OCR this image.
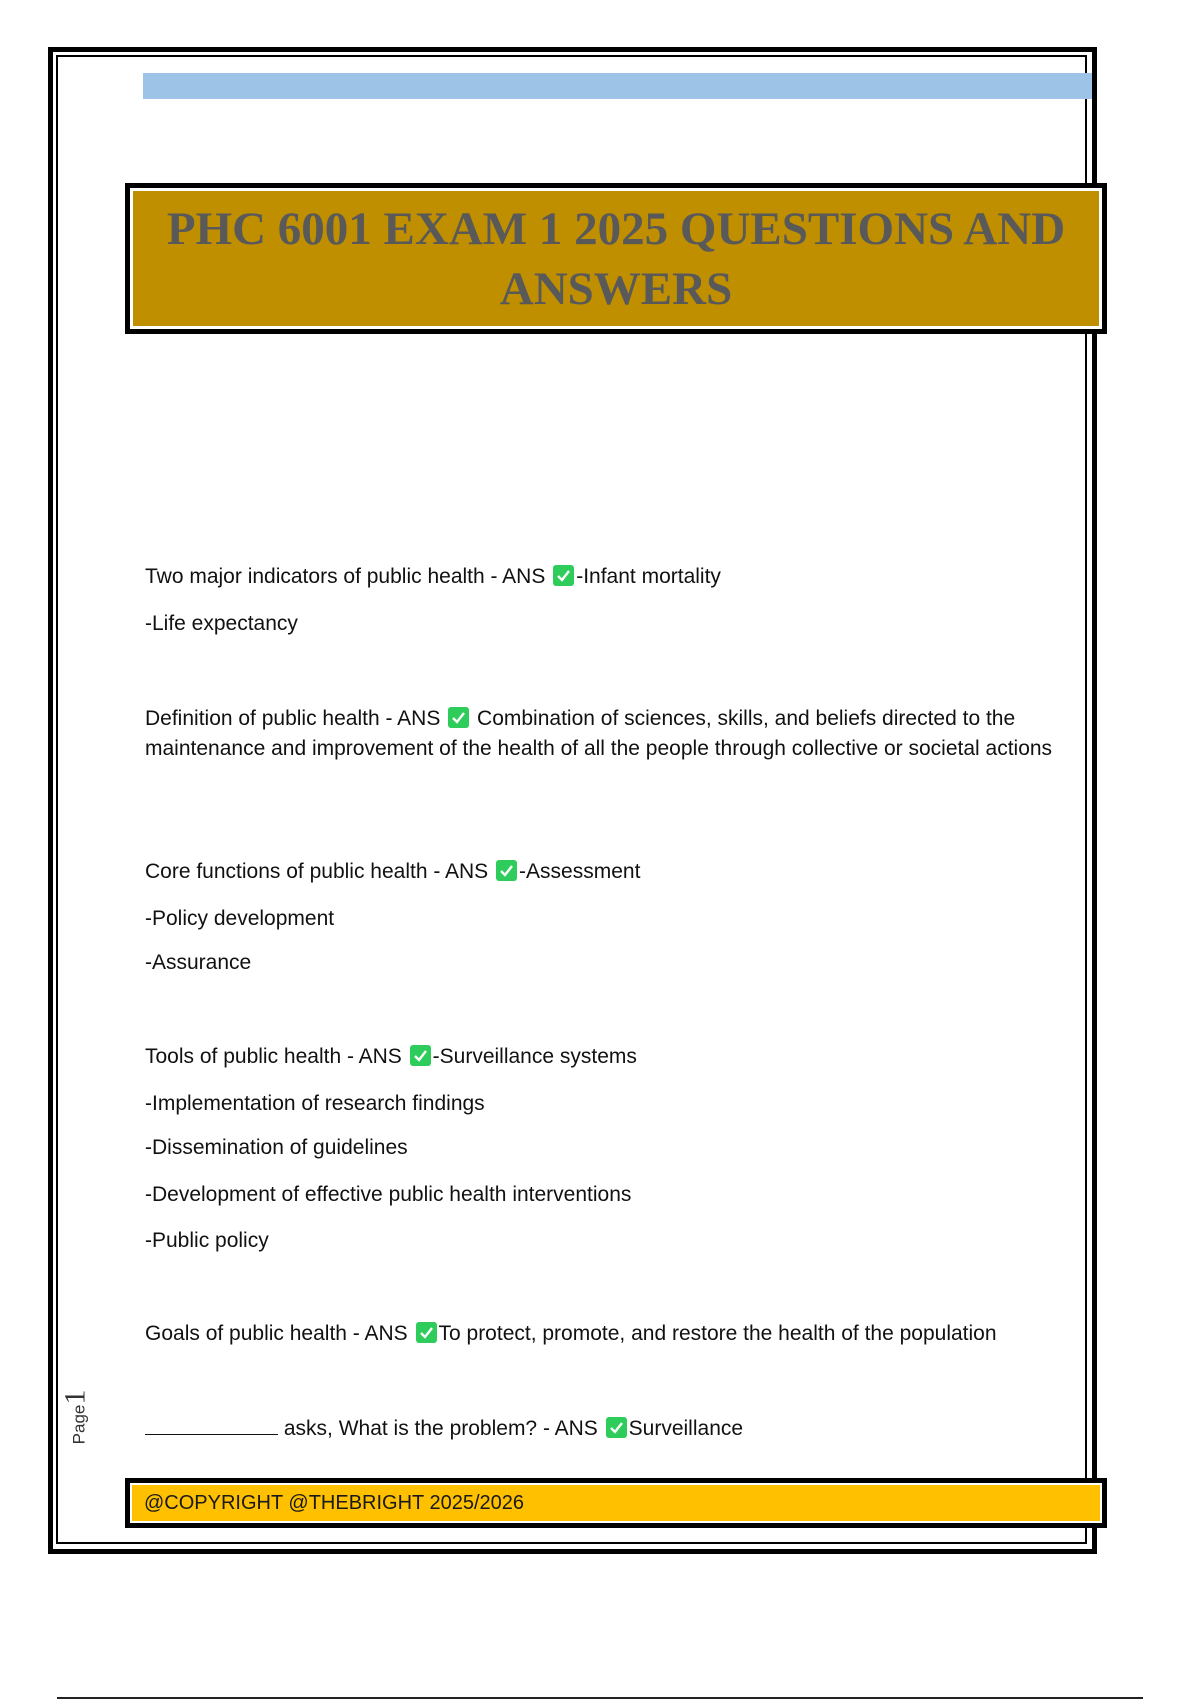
PHC 6001 EXAM 1 2025 QUESTIONS AND ANSWERS
Two major indicators of public health - ANS -Infant mortality
-Life expectancy
Definition of public health - ANS Combination of sciences, skills, and beliefs directed to the maintenance and improvement of the health of all the people through collective or societal actions
Core functions of public health - ANS -Assessment
-Policy development
-Assurance
Tools of public health - ANS -Surveillance systems
-Implementation of research findings
-Dissemination of guidelines
-Development of effective public health interventions
-Public policy
Goals of public health - ANS To protect, promote, and restore the health of the population
asks, What is the problem? - ANS Surveillance
Page1
@COPYRIGHT @THEBRIGHT 2025/2026
